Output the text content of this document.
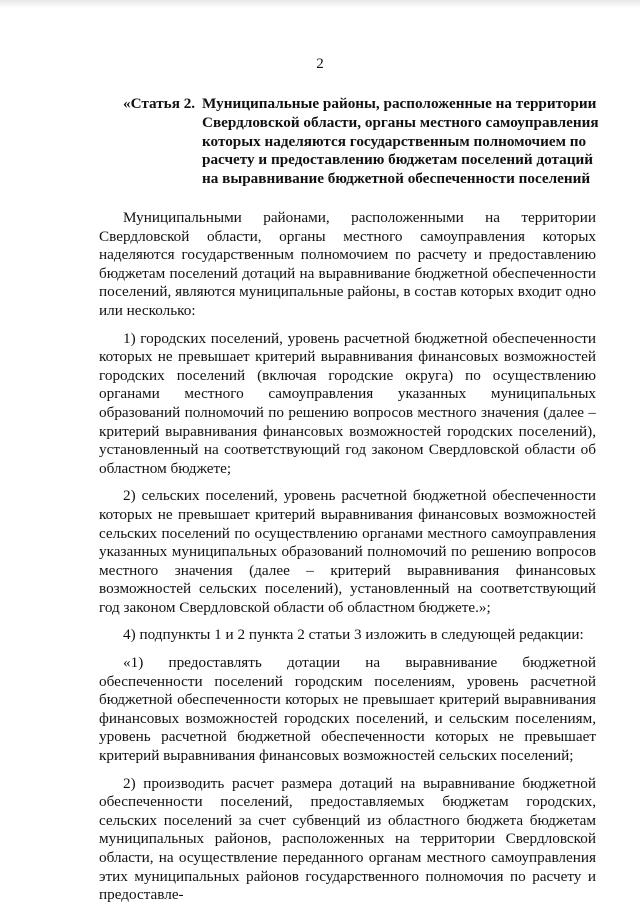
2
«Статья 2. Муниципальные районы, расположенные на территории Свердловской области, органы местного самоуправления которых наделяются государственным полномочием по расчету и предоставлению бюджетам поселений дотаций на выравнивание бюджетной обеспеченности поселений

Муниципальными районами, расположенными на территории Свердловской области, органы местного самоуправления которых наделяются государственным полномочием по расчету и предоставлению бюджетам поселений дотаций на выравнивание бюджетной обеспеченности поселений, являются муниципальные районы, в состав которых входит одно или несколько:

1) городских поселений, уровень расчетной бюджетной обеспеченности которых не превышает критерий выравнивания финансовых возможностей городских поселений (включая городские округа) по осуществлению органами местного самоуправления указанных муниципальных образований полномочий по решению вопросов местного значения (далее – критерий выравнивания финансовых возможностей городских поселений), установленный на соответствующий год законом Свердловской области об областном бюджете;

2) сельских поселений, уровень расчетной бюджетной обеспеченности которых не превышает критерий выравнивания финансовых возможностей сельских поселений по осуществлению органами местного самоуправления указанных муниципальных образований полномочий по решению вопросов местного значения (далее – критерий выравнивания финансовых возможностей сельских поселений), установленный на соответствующий год законом Свердловской области об областном бюджете.»;

4) подпункты 1 и 2 пункта 2 статьи 3 изложить в следующей редакции:

«1) предоставлять дотации на выравнивание бюджетной обеспеченности поселений городским поселениям, уровень расчетной бюджетной обеспеченности которых не превышает критерий выравнивания финансовых возможностей городских поселений, и сельским поселениям, уровень расчетной бюджетной обеспеченности которых не превышает критерий выравнивания финансовых возможностей сельских поселений;

2) производить расчет размера дотаций на выравнивание бюджетной обеспеченности поселений, предоставляемых бюджетам городских, сельских поселений за счет субвенций из областного бюджета бюджетам муниципальных районов, расположенных на территории Свердловской области, на осуществление переданного органам местного самоуправления этих муниципальных районов государственного полномочия по расчету и предоставле-
